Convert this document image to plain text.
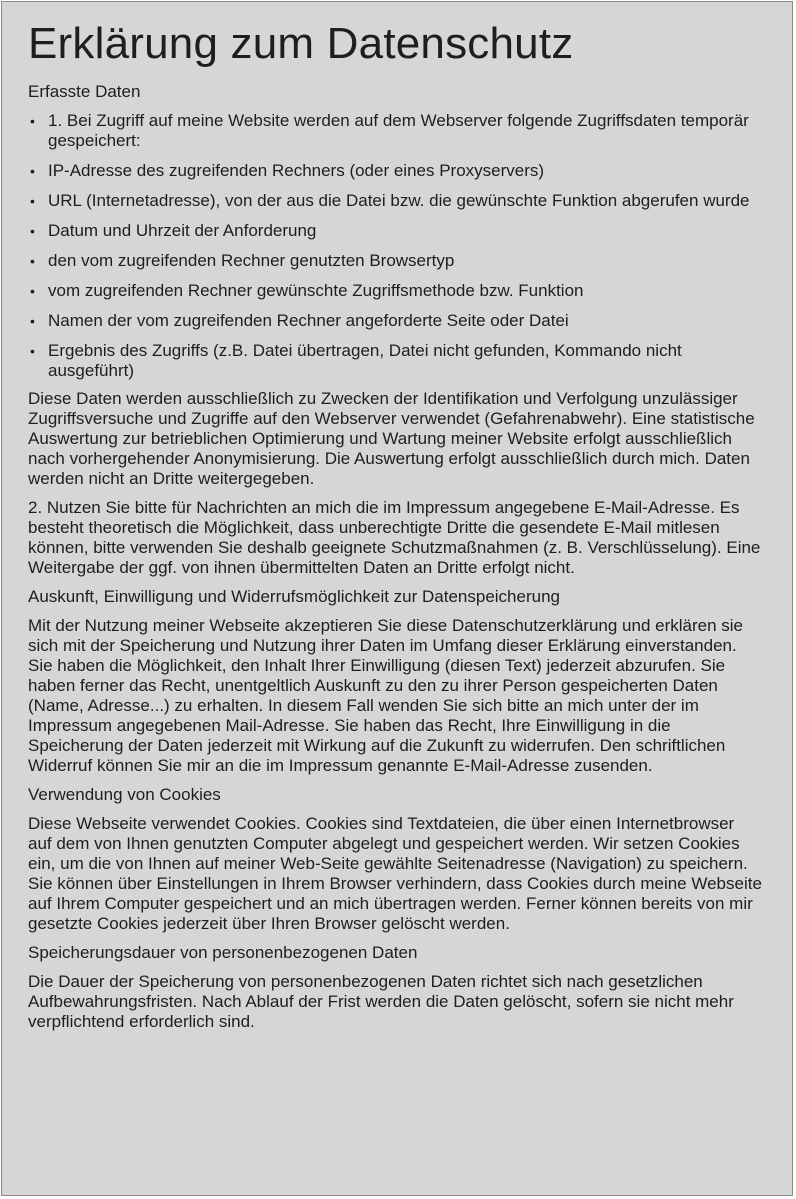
Erklärung zum Datenschutz
Erfasste Daten
• 1. Bei Zugriff auf meine Website werden auf dem Webserver folgende Zugriffsdaten temporär gespeichert:
• IP-Adresse des zugreifenden Rechners (oder eines Proxyservers)
• URL (Internetadresse), von der aus die Datei bzw. die gewünschte Funktion abgerufen wurde
• Datum und Uhrzeit der Anforderung
• den vom zugreifenden Rechner genutzten Browsertyp
• vom zugreifenden Rechner gewünschte Zugriffsmethode bzw. Funktion
• Namen der vom zugreifenden Rechner angeforderte Seite oder Datei
• Ergebnis des Zugriffs (z.B. Datei übertragen, Datei nicht gefunden, Kommando nicht ausgeführt)

Diese Daten werden ausschließlich zu Zwecken der Identifikation und Verfolgung unzulässiger Zugriffsversuche und Zugriffe auf den Webserver verwendet (Gefahrenabwehr). Eine statistische Auswertung zur betrieblichen Optimierung und Wartung meiner Website erfolgt ausschließlich nach vorhergehender Anonymisierung. Die Auswertung erfolgt ausschließlich durch mich. Daten werden nicht an Dritte weitergegeben.

2. Nutzen Sie bitte für Nachrichten an mich die im Impressum angegebene E-Mail-Adresse. Es besteht theoretisch die Möglichkeit, dass unberechtigte Dritte die gesendete E-Mail mitlesen können, bitte verwenden Sie deshalb geeignete Schutzmaßnahmen (z. B. Verschlüsselung). Eine Weitergabe der ggf. von ihnen übermittelten Daten an Dritte erfolgt nicht.

Auskunft, Einwilligung und Widerrufsmöglichkeit zur Datenspeicherung

Mit der Nutzung meiner Webseite akzeptieren Sie diese Datenschutzerklärung und erklären sie sich mit der Speicherung und Nutzung ihrer Daten im Umfang dieser Erklärung einverstanden. Sie haben die Möglichkeit, den Inhalt Ihrer Einwilligung (diesen Text) jederzeit abzurufen. Sie haben ferner das Recht, unentgeltlich Auskunft zu den zu ihrer Person gespeicherten Daten (Name, Adresse...) zu erhalten. In diesem Fall wenden Sie sich bitte an mich unter der im Impressum angegebenen Mail-Adresse. Sie haben das Recht, Ihre Einwilligung in die Speicherung der Daten jederzeit mit Wirkung auf die Zukunft zu widerrufen. Den schriftlichen Widerruf können Sie mir an die im Impressum genannte E-Mail-Adresse zusenden.

Verwendung von Cookies

Diese Webseite verwendet Cookies. Cookies sind Textdateien, die über einen Internetbrowser auf dem von Ihnen genutzten Computer abgelegt und gespeichert werden. Wir setzen Cookies ein, um die von Ihnen auf meiner Web-Seite gewählte Seitenadresse (Navigation) zu speichern. Sie können über Einstellungen in Ihrem Browser verhindern, dass Cookies durch meine Webseite auf Ihrem Computer gespeichert und an mich übertragen werden. Ferner können bereits von mir gesetzte Cookies jederzeit über Ihren Browser gelöscht werden.

Speicherungsdauer von personenbezogenen Daten

Die Dauer der Speicherung von personenbezogenen Daten richtet sich nach gesetzlichen Aufbewahrungsfristen. Nach Ablauf der Frist werden die Daten gelöscht, sofern sie nicht mehr verpflichtend erforderlich sind.
